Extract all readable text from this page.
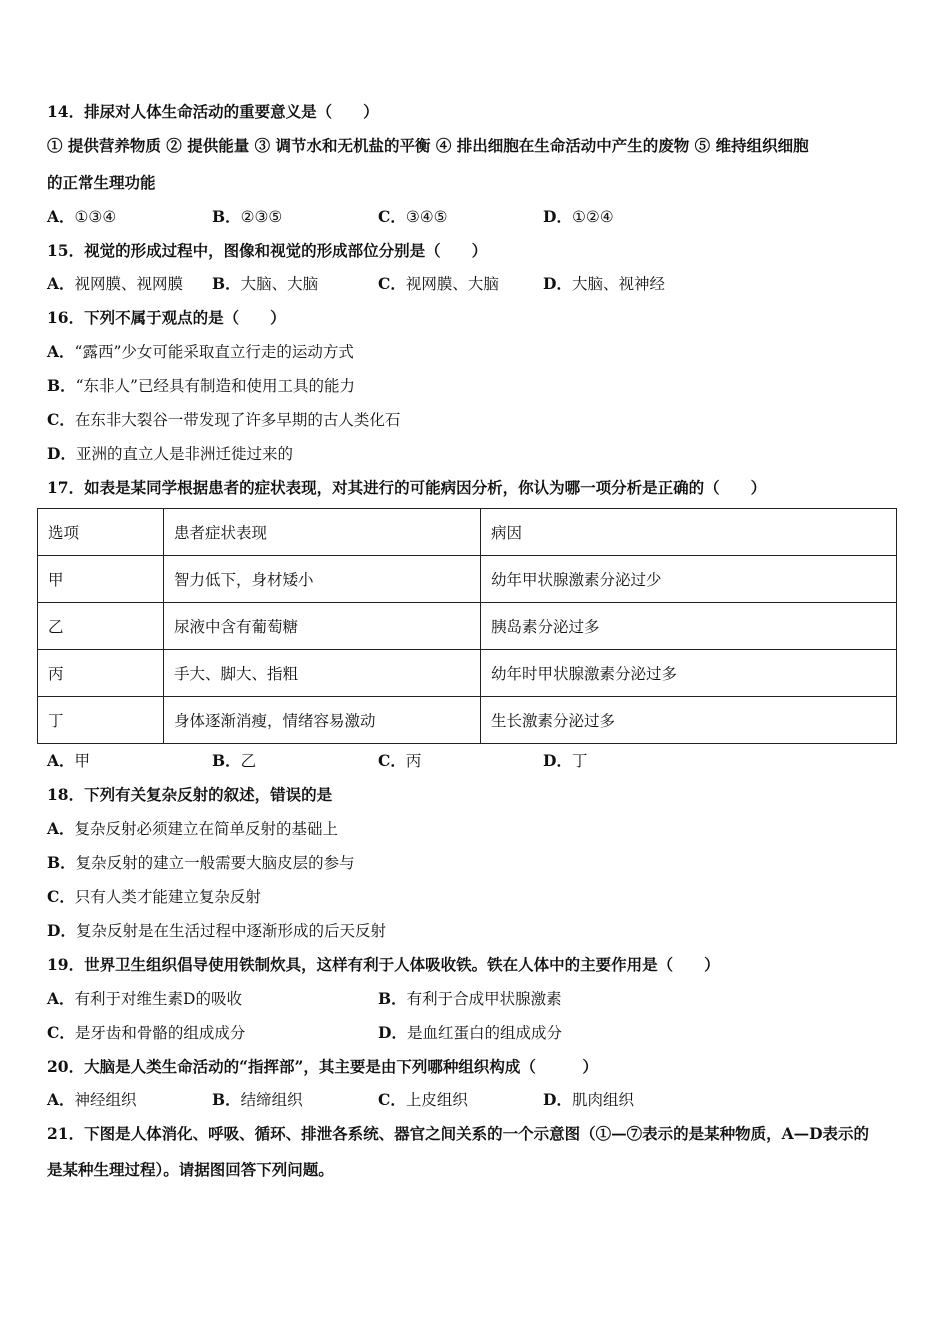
14．排尿对人体生命活动的重要意义是（　　）
① 提供营养物质 ② 提供能量 ③ 调节水和无机盐的平衡 ④ 排出细胞在生命活动中产生的废物 ⑤ 维持组织细胞
的正常生理功能
A．①③④	B．②③⑤	C．③④⑤	D．①②④
15．视觉的形成过程中，图像和视觉的形成部位分别是（　　）
A．视网膜、视网膜 B．大脑、大脑	C．视网膜、大脑	D．大脑、视神经
16．下列不属于观点的是（　　）
A．“露西”少女可能采取直立行走的运动方式
B．“东非人”已经具有制造和使用工具的能力
C．在东非大裂谷一带发现了许多早期的古人类化石
D．亚洲的直立人是非洲迁徙过来的
17．如表是某同学根据患者的症状表现，对其进行的可能病因分析，你认为哪一项分析是正确的（　　）
选项	患者症状表现	病因
甲	智力低下，身材矮小	幼年甲状腺激素分泌过少
乙	尿液中含有葡萄糖	胰岛素分泌过多
丙	手大、脚大、指粗	幼年时甲状腺激素分泌过多
丁	身体逐渐消瘦，情绪容易激动	生长激素分泌过多
A．甲	B．乙	C．丙	D．丁
18．下列有关复杂反射的叙述，错误的是
A．复杂反射必须建立在简单反射的基础上
B．复杂反射的建立一般需要大脑皮层的参与
C．只有人类才能建立复杂反射
D．复杂反射是在生活过程中逐渐形成的后天反射
19．世界卫生组织倡导使用铁制炊具，这样有利于人体吸收铁。铁在人体中的主要作用是（　　）
A．有利于对维生素D的吸收	B．有利于合成甲状腺激素
C．是牙齿和骨骼的组成成分	D．是血红蛋白的组成成分
20．大脑是人类生命活动的“指挥部”，其主要是由下列哪种组织构成（　　　）
A．神经组织	B．结缔组织	C．上皮组织	D．肌肉组织
21．下图是人体消化、呼吸、循环、排泄各系统、器官之间关系的一个示意图（①—⑦表示的是某种物质，A—D表示的
是某种生理过程）。请据图回答下列问题。
